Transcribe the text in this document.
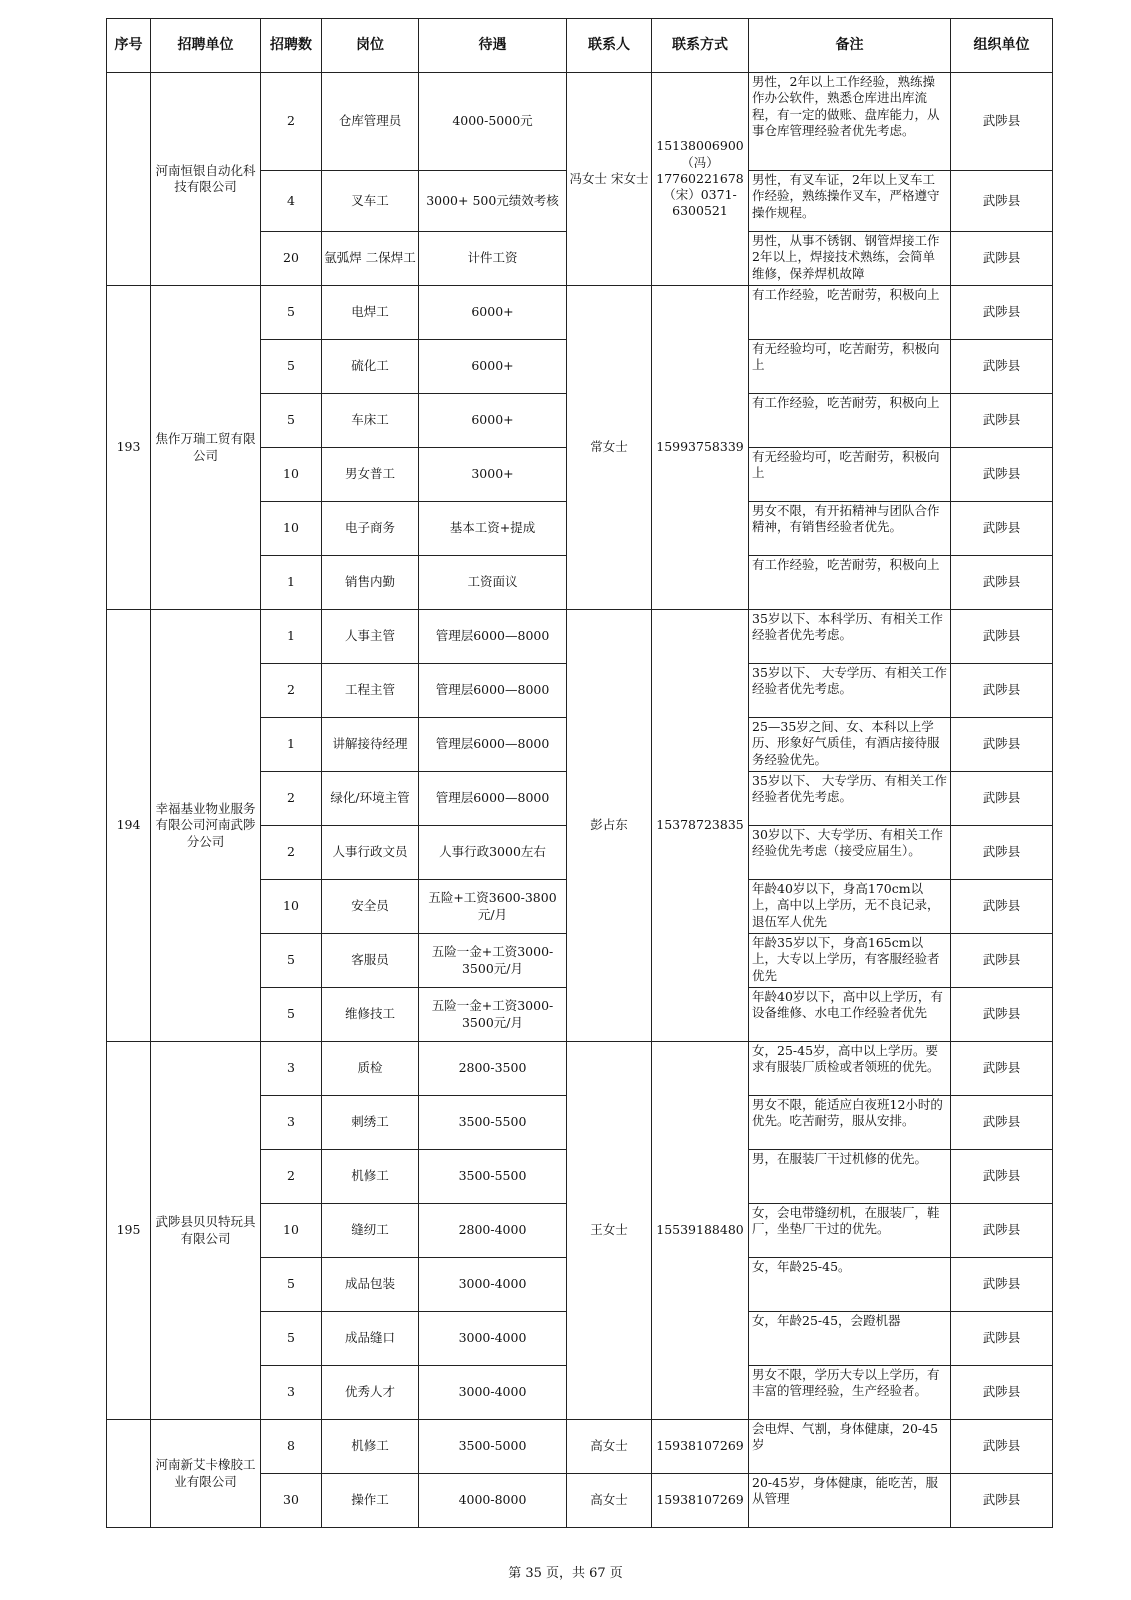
序号	招聘单位	招聘数	岗位	待遇	联系人	联系方式	备注	组织单位
	河南恒银自动化科技有限公司	2	仓库管理员	4000-5000元	冯女士 宋女士	15138006900（冯）17760221678（宋）0371-6300521	男性，2年以上工作经验，熟练操作办公软件，熟悉仓库进出库流程，有一定的做账、盘库能力，从事仓库管理经验者优先考虑。	武陟县
		4	叉车工	3000+ 500元绩效考核			男性，有叉车证，2年以上叉车工作经验，熟练操作叉车，严格遵守操作规程。	武陟县
		20	氩弧焊 二保焊工	计件工资			男性，从事不锈钢、钢管焊接工作2年以上，焊接技术熟练，会简单维修，保养焊机故障	武陟县
193	焦作万瑞工贸有限公司	5	电焊工	6000+	常女士	15993758339	有工作经验，吃苦耐劳，积极向上	武陟县
		5	硫化工	6000+			有无经验均可，吃苦耐劳，积极向上	武陟县
		5	车床工	6000+			有工作经验，吃苦耐劳，积极向上	武陟县
		10	男女普工	3000+			有无经验均可，吃苦耐劳，积极向上	武陟县
		10	电子商务	基本工资+提成			男女不限，有开拓精神与团队合作精神，有销售经验者优先。	武陟县
		1	销售内勤	工资面议			有工作经验，吃苦耐劳，积极向上	武陟县
194	幸福基业物业服务有限公司河南武陟分公司	1	人事主管	管理层6000—8000	彭占东	15378723835	35岁以下、本科学历、有相关工作经验者优先考虑。	武陟县
		2	工程主管	管理层6000—8000			35岁以下、 大专学历、有相关工作经验者优先考虑。	武陟县
		1	讲解接待经理	管理层6000—8000			25—35岁之间、女、本科以上学历、形象好气质佳，有酒店接待服务经验优先。	武陟县
		2	绿化/环境主管	管理层6000—8000			35岁以下、 大专学历、有相关工作经验者优先考虑。	武陟县
		2	人事行政文员	人事行政3000左右			30岁以下、大专学历、有相关工作经验优先考虑（接受应届生）。	武陟县
		10	安全员	五险+工资3600-3800元/月			年龄40岁以下，身高170cm以上，高中以上学历，无不良记录，退伍军人优先	武陟县
		5	客服员	五险一金+工资3000-3500元/月			年龄35岁以下，身高165cm以上，大专以上学历，有客服经验者优先	武陟县
		5	维修技工	五险一金+工资3000-3500元/月			年龄40岁以下，高中以上学历，有设备维修、水电工作经验者优先	武陟县
195	武陟县贝贝特玩具有限公司	3	质检	2800-3500	王女士	15539188480	女，25-45岁，高中以上学历。要求有服装厂质检或者领班的优先。	武陟县
		3	刺绣工	3500-5500			男女不限，能适应白夜班12小时的优先。吃苦耐劳，服从安排。	武陟县
		2	机修工	3500-5500			男，在服装厂干过机修的优先。	武陟县
		10	缝纫工	2800-4000			女，会电带缝纫机，在服装厂，鞋厂，坐垫厂干过的优先。	武陟县
		5	成品包装	3000-4000			女，年龄25-45。	武陟县
		5	成品缝口	3000-4000			女，年龄25-45，会蹬机器	武陟县
		3	优秀人才	3000-4000			男女不限，学历大专以上学历，有丰富的管理经验，生产经验者。	武陟县
	河南新艾卡橡胶工业有限公司	8	机修工	3500-5000	高女士	15938107269	会电焊、气割，身体健康，20-45岁	武陟县
		30	操作工	4000-8000	高女士	15938107269	20-45岁，身体健康，能吃苦，服从管理	武陟县
第 35 页，共 67 页
